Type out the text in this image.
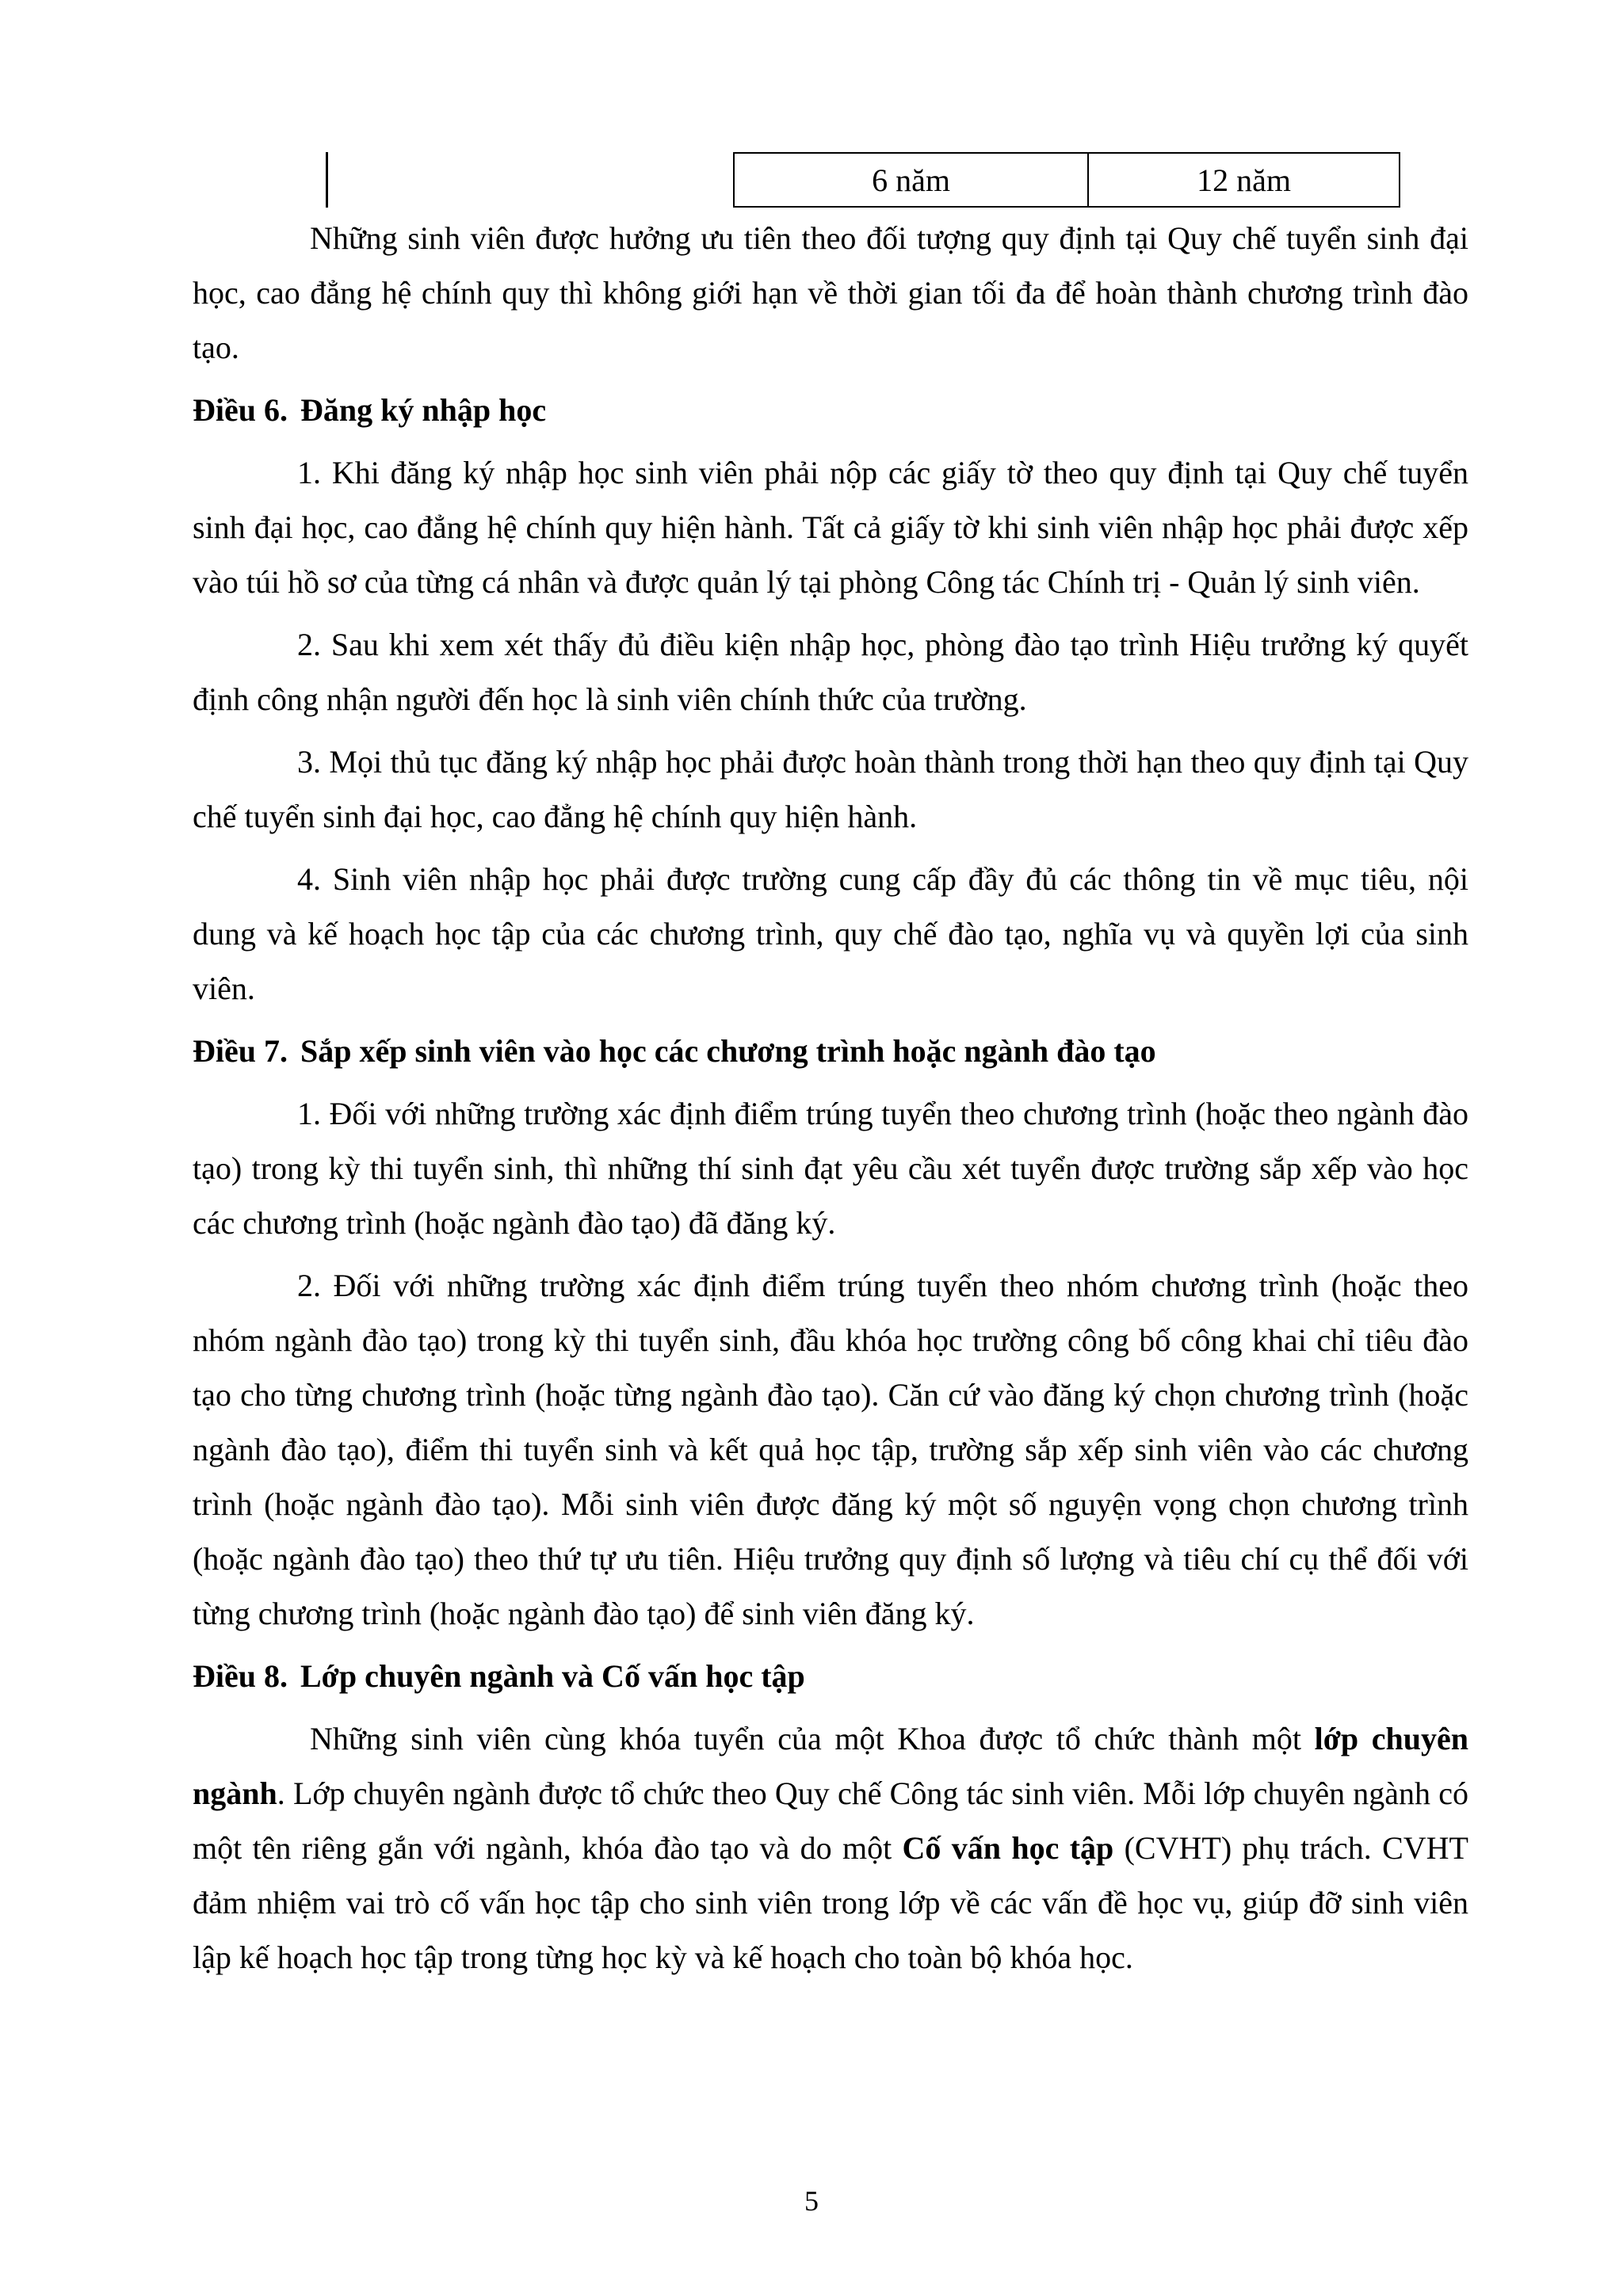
6 năm	12 năm

Những sinh viên được hưởng ưu tiên theo đối tượng quy định tại Quy chế tuyển sinh đại học, cao đẳng hệ chính quy thì không giới hạn về thời gian tối đa để hoàn thành chương trình đào tạo.

Điều 6. Đăng ký nhập học

1. Khi đăng ký nhập học sinh viên phải nộp các giấy tờ theo quy định tại Quy chế tuyển sinh đại học, cao đẳng hệ chính quy hiện hành. Tất cả giấy tờ khi sinh viên nhập học phải được xếp vào túi hồ sơ của từng cá nhân và được quản lý tại phòng Công tác Chính trị - Quản lý sinh viên.

2. Sau khi xem xét thấy đủ điều kiện nhập học, phòng đào tạo trình Hiệu trưởng ký quyết định công nhận người đến học là sinh viên chính thức của trường.

3. Mọi thủ tục đăng ký nhập học phải được hoàn thành trong thời hạn theo quy định tại Quy chế tuyển sinh đại học, cao đẳng hệ chính quy hiện hành.

4. Sinh viên nhập học phải được trường cung cấp đầy đủ các thông tin về mục tiêu, nội dung và kế hoạch học tập của các chương trình, quy chế đào tạo, nghĩa vụ và quyền lợi của sinh viên.

Điều 7. Sắp xếp sinh viên vào học các chương trình hoặc ngành đào tạo

1. Đối với những trường xác định điểm trúng tuyển theo chương trình (hoặc theo ngành đào tạo) trong kỳ thi tuyển sinh, thì những thí sinh đạt yêu cầu xét tuyển được trường sắp xếp vào học các chương trình (hoặc ngành đào tạo) đã đăng ký.

2. Đối với những trường xác định điểm trúng tuyển theo nhóm chương trình (hoặc theo nhóm ngành đào tạo) trong kỳ thi tuyển sinh, đầu khóa học trường công bố công khai chỉ tiêu đào tạo cho từng chương trình (hoặc từng ngành đào tạo). Căn cứ vào đăng ký chọn chương trình (hoặc ngành đào tạo), điểm thi tuyển sinh và kết quả học tập, trường sắp xếp sinh viên vào các chương trình (hoặc ngành đào tạo). Mỗi sinh viên được đăng ký một số nguyện vọng chọn chương trình (hoặc ngành đào tạo) theo thứ tự ưu tiên. Hiệu trưởng quy định số lượng và tiêu chí cụ thể đối với từng chương trình (hoặc ngành đào tạo) để sinh viên đăng ký.

Điều 8. Lớp chuyên ngành và Cố vấn học tập

Những sinh viên cùng khóa tuyển của một Khoa được tổ chức thành một lớp chuyên ngành. Lớp chuyên ngành được tổ chức theo Quy chế Công tác sinh viên. Mỗi lớp chuyên ngành có một tên riêng gắn với ngành, khóa đào tạo và do một Cố vấn học tập (CVHT) phụ trách. CVHT đảm nhiệm vai trò cố vấn học tập cho sinh viên trong lớp về các vấn đề học vụ, giúp đỡ sinh viên lập kế hoạch học tập trong từng học kỳ và kế hoạch cho toàn bộ khóa học.

5
